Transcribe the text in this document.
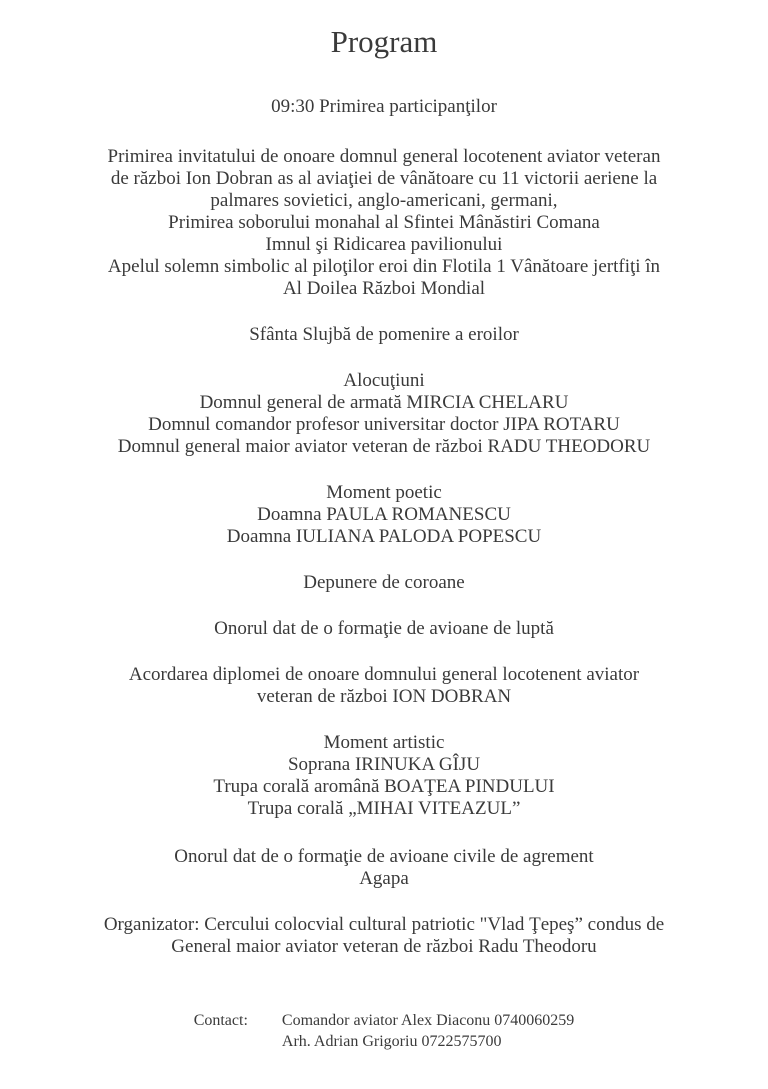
Program
09:30 Primirea participanţilor
Primirea invitatului de onoare domnul general locotenent aviator veteran
de război Ion Dobran as al aviaţiei de vânătoare cu 11 victorii aeriene la
palmares sovietici, anglo-americani, germani,
Primirea soborului monahal al Sfintei Mânăstiri Comana
Imnul şi Ridicarea pavilionului
Apelul solemn simbolic al piloţilor eroi din Flotila 1 Vânătoare jertfiţi în
Al Doilea Război Mondial
Sfânta Slujbă de pomenire a eroilor
Alocuţiuni
Domnul general de armată MIRCIA CHELARU
Domnul comandor profesor universitar doctor JIPA ROTARU
Domnul general maior aviator veteran de război RADU THEODORU
Moment poetic
Doamna PAULA ROMANESCU
Doamna IULIANA PALODA POPESCU
Depunere de coroane
Onorul dat de o formaţie de avioane de luptă
Acordarea diplomei de onoare domnului general locotenent aviator
veteran de război ION DOBRAN
Moment artistic
Soprana IRINUKA GÎJU
Trupa corală aromână BOAŢEA PINDULUI
Trupa corală „MIHAI VITEAZUL”
Onorul dat de o formaţie de avioane civile de agrement
Agapa
Organizator: Cercului colocvial cultural patriotic "Vlad Ţepeş” condus de
General maior aviator veteran de război Radu Theodoru
Contact: Comandor aviator Alex Diaconu 0740060259
Arh. Adrian Grigoriu 0722575700
